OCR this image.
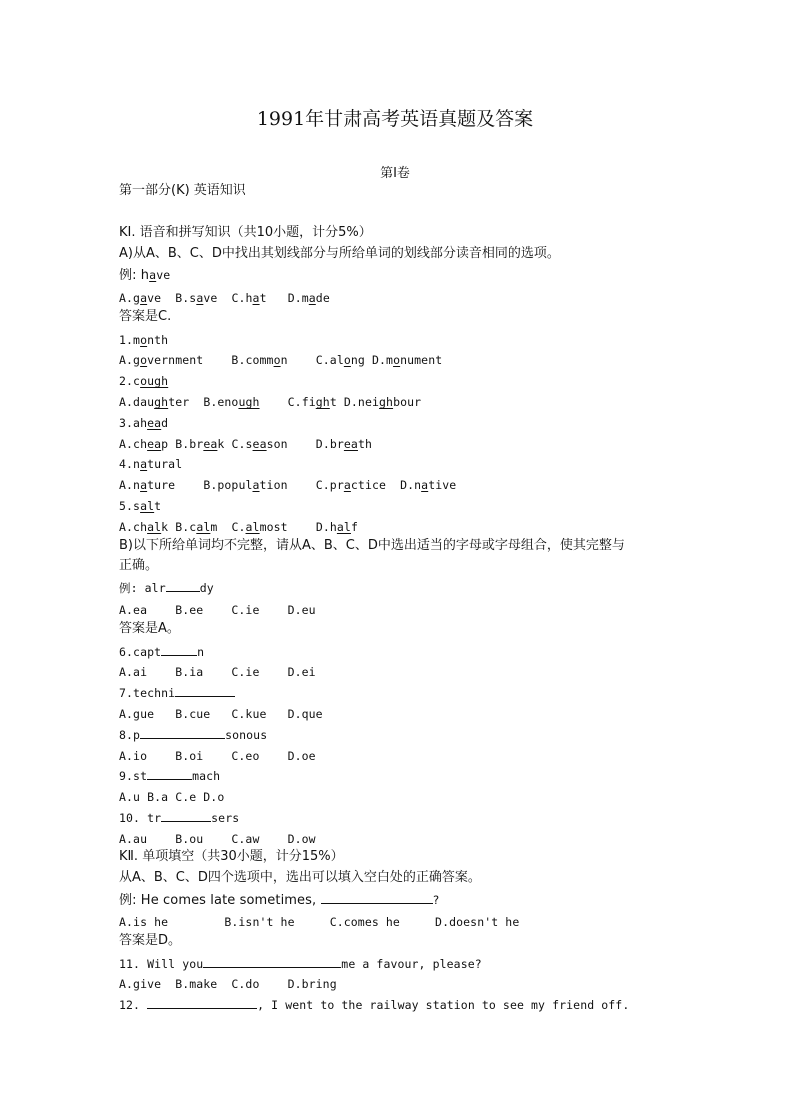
1991年甘肃高考英语真题及答案
第Ⅰ卷
第一部分(K) 英语知识
KⅠ. 语音和拼写知识（共10小题，计分5%）
A)从A、B、C、D中找出其划线部分与所给单词的划线部分读音相同的选项。
例: have
A.gave B.save C.hat D.made
答案是C.
1.month
A.government B.common C.along D.monument
2.cough
A.daughter B.enough C.fight D.neighbour
3.ahead
A.cheap B.break C.season D.breath
4.natural
A.nature B.population C.practice D.native
5.salt
A.chalk B.calm C.almost D.half
B)以下所给单词均不完整，请从A、B、C、D中选出适当的字母或字母组合，使其完整与
正确。
例: alr	dy
A.ea    B.ee    C.ie    D.eu
答案是A。
6.capt	n
A.ai    B.ia    C.ie    D.ei
7.techni
A.gue   B.cue   C.kue   D.que
8.p	sonous
A.io    B.oi    C.eo    D.oe
9.st	mach
A.u B.a C.e D.o
10. tr	sers
A.au    B.ou    C.aw    D.ow
KⅡ. 单项填空（共30小题，计分15%）
从A、B、C、D四个选项中，选出可以填入空白处的正确答案。
例: He comes late sometimes,	?
A.is he        B.isn't he     C.comes he     D.doesn't he
答案是D。
11. Will you	me a favour, please?
A.give  B.make  C.do    D.bring
12.	, I went to the railway station to see my friend off.
